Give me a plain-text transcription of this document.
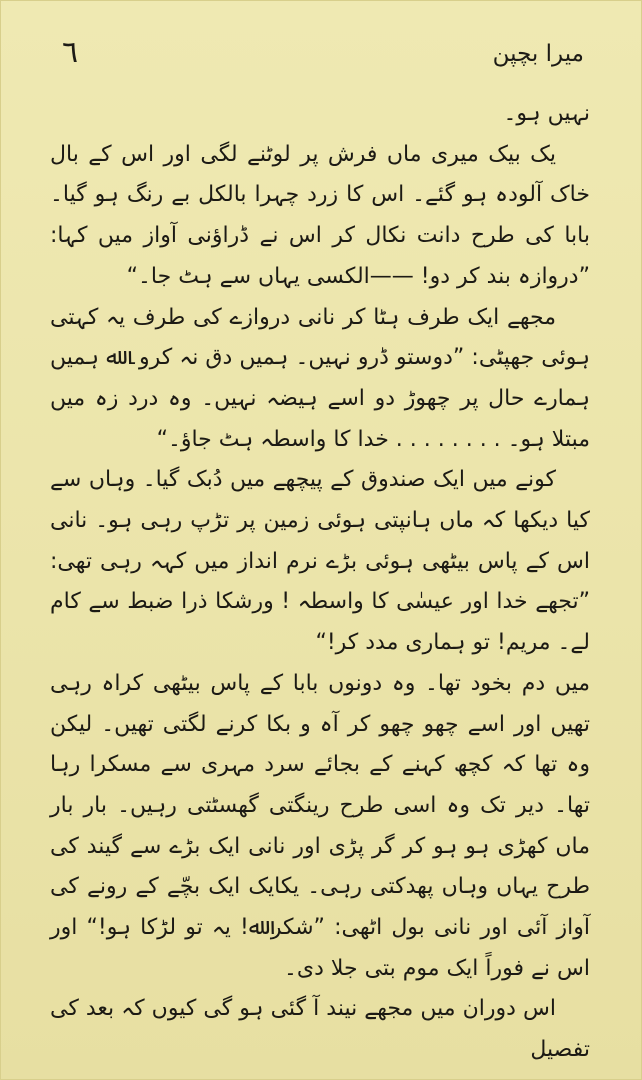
٦	میرا بچپن

نہیں ہو۔

یک بیک میری ماں فرش پر لوٹنے لگی اور اس کے بال خاک آلودہ ہو گئے۔ اس کا زرد چہرا بالکل بے رنگ ہو گیا۔ بابا کی طرح دانت نکال کر اس نے ڈراؤنی آواز میں کہا: ”دروازہ بند کر دو! ——الکسی یہاں سے ہٹ جا۔“

مجھے ایک طرف ہٹا کر نانی دروازے کی طرف یہ کہتی ہوئی جھپٹی: ”دوستو ڈرو نہیں۔ ہمیں دق نہ کرو۔ ﷲ ہمیں ہمارے حال پر چھوڑ دو اسے ہیضہ نہیں۔ وہ درد زہ میں مبتلا ہو۔ . . . . . . . . خدا کا واسطہ ہٹ جاؤ۔“

کونے میں ایک صندوق کے پیچھے میں دُبک گیا۔ وہاں سے کیا دیکھا کہ ماں ہانپتی ہوئی زمین پر تڑپ رہی ہو۔ نانی اس کے پاس بیٹھی ہوئی بڑے نرم انداز میں کہہ رہی تھی: ”تجھے خدا اور عیسٰی کا واسطہ ! ورشکا ذرا ضبط سے کام لے۔ مریم! تو ہماری مدد کر!“

میں دم بخود تھا۔ وہ دونوں بابا کے پاس بیٹھی کراہ رہی تھیں اور اسے چھو چھو کر آہ و بکا کرنے لگتی تھیں۔ لیکن وہ تھا کہ کچھ کہنے کے بجائے سرد مہری سے مسکرا رہا تھا۔ دیر تک وہ اسی طرح رینگتی گھسٹتی رہیں۔ بار بار ماں کھڑی ہو ہو کر گر پڑی اور نانی ایک بڑے سے گیند کی طرح یہاں وہاں پھدکتی رہی۔ یکایک ایک بچّے کے رونے کی آواز آئی اور نانی بول اٹھی: ”شکر ﷲ! یہ تو لڑکا ہو!“ اور اس نے فوراً ایک موم بتی جلا دی۔

اس دوران میں مجھے نیند آ گئی ہو گی کیوں کہ بعد کی تفصیل
